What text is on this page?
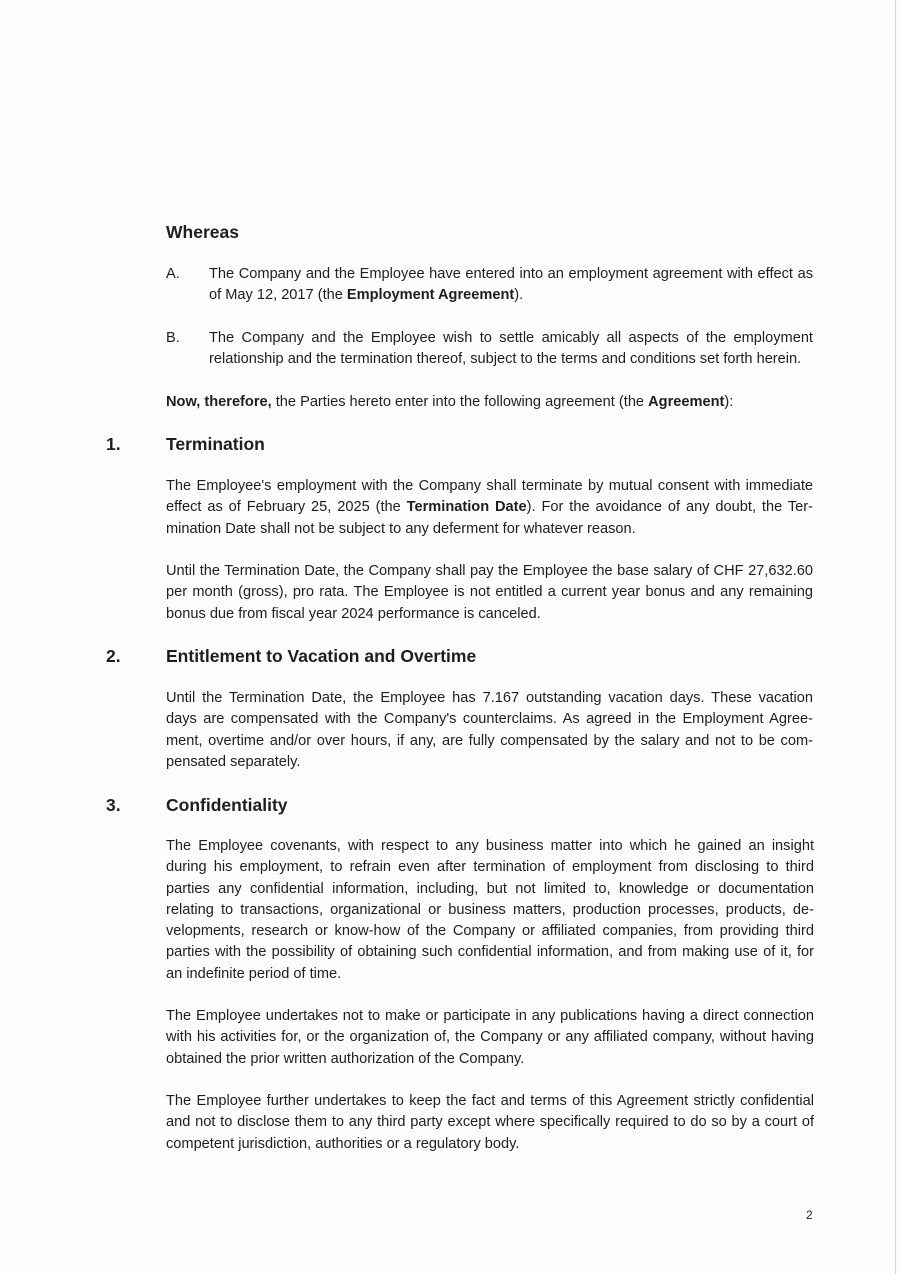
Whereas
A. The Company and the Employee have entered into an employment agreement with effect as of May 12, 2017 (the Employment Agreement).

B. The Company and the Employee wish to settle amicably all aspects of the employment relationship and the termination thereof, subject to the terms and conditions set forth herein.

Now, therefore, the Parties hereto enter into the following agreement (the Agreement):

1.	Termination

The Employee's employment with the Company shall terminate by mutual consent with immediate effect as of February 25, 2025 (the Termination Date). For the avoidance of any doubt, the Termination Date shall not be subject to any deferment for whatever reason.

Until the Termination Date, the Company shall pay the Employee the base salary of CHF 27,632.60 per month (gross), pro rata. The Employee is not entitled a current year bonus and any remaining bonus due from fiscal year 2024 performance is canceled.

2.	Entitlement to Vacation and Overtime

Until the Termination Date, the Employee has 7.167 outstanding vacation days. These vacation days are compensated with the Company's counterclaims. As agreed in the Employment Agreement, overtime and/or over hours, if any, are fully compensated by the salary and not to be compensated separately.

3.	Confidentiality

The Employee covenants, with respect to any business matter into which he gained an insight during his employment, to refrain even after termination of employment from disclosing to third parties any confidential information, including, but not limited to, knowledge or documentation relating to transactions, organizational or business matters, production processes, products, developments, research or know-how of the Company or affiliated companies, from providing third parties with the possibility of obtaining such confidential information, and from making use of it, for an indefinite period of time.

The Employee undertakes not to make or participate in any publications having a direct connection with his activities for, or the organization of, the Company or any affiliated company, without having obtained the prior written authorization of the Company.

The Employee further undertakes to keep the fact and terms of this Agreement strictly confidential and not to disclose them to any third party except where specifically required to do so by a court of competent jurisdiction, authorities or a regulatory body.

2
